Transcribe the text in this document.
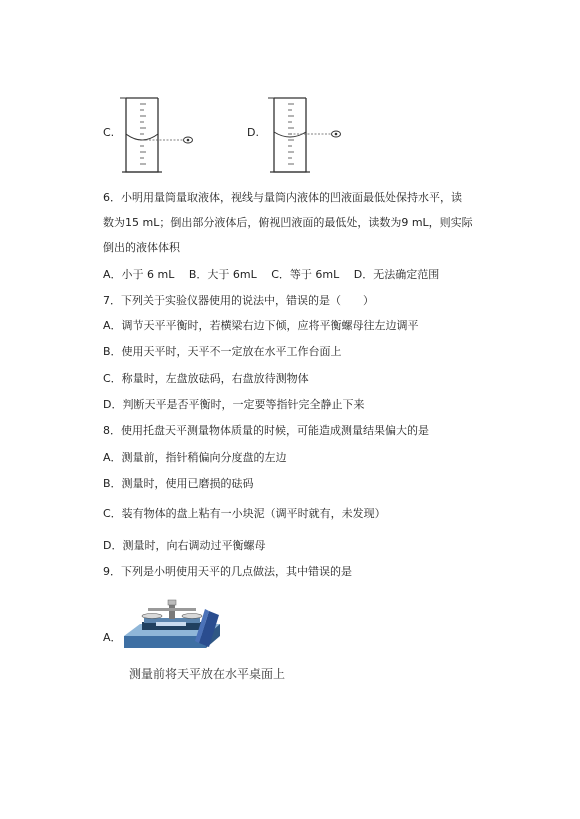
C.	D.
6．小明用量筒量取液体，视线与量筒内液体的凹液面最低处保持水平，读
数为15 mL；倒出部分液体后，俯视凹液面的最低处，读数为9 mL，则实际
倒出的液体体积
A．小于 6 mL　 B．大于 6mL　 C．等于 6mL　 D．无法确定范围
7．下列关于实验仪器使用的说法中，错误的是（　　）
A．调节天平平衡时，若横梁右边下倾，应将平衡螺母往左边调平
B．使用天平时，天平不一定放在水平工作台面上
C．称量时，左盘放砝码，右盘放待测物体
D．判断天平是否平衡时，一定要等指针完全静止下来
8．使用托盘天平测量物体质量的时候，可能造成测量结果偏大的是
A．测量前，指针稍偏向分度盘的左边
B．测量时，使用已磨损的砝码
C．装有物体的盘上粘有一小块泥（调平时就有，未发现）
D．测量时，向右调动过平衡螺母
9．下列是小明使用天平的几点做法，其中错误的是
A．
测量前将天平放在水平桌面上
